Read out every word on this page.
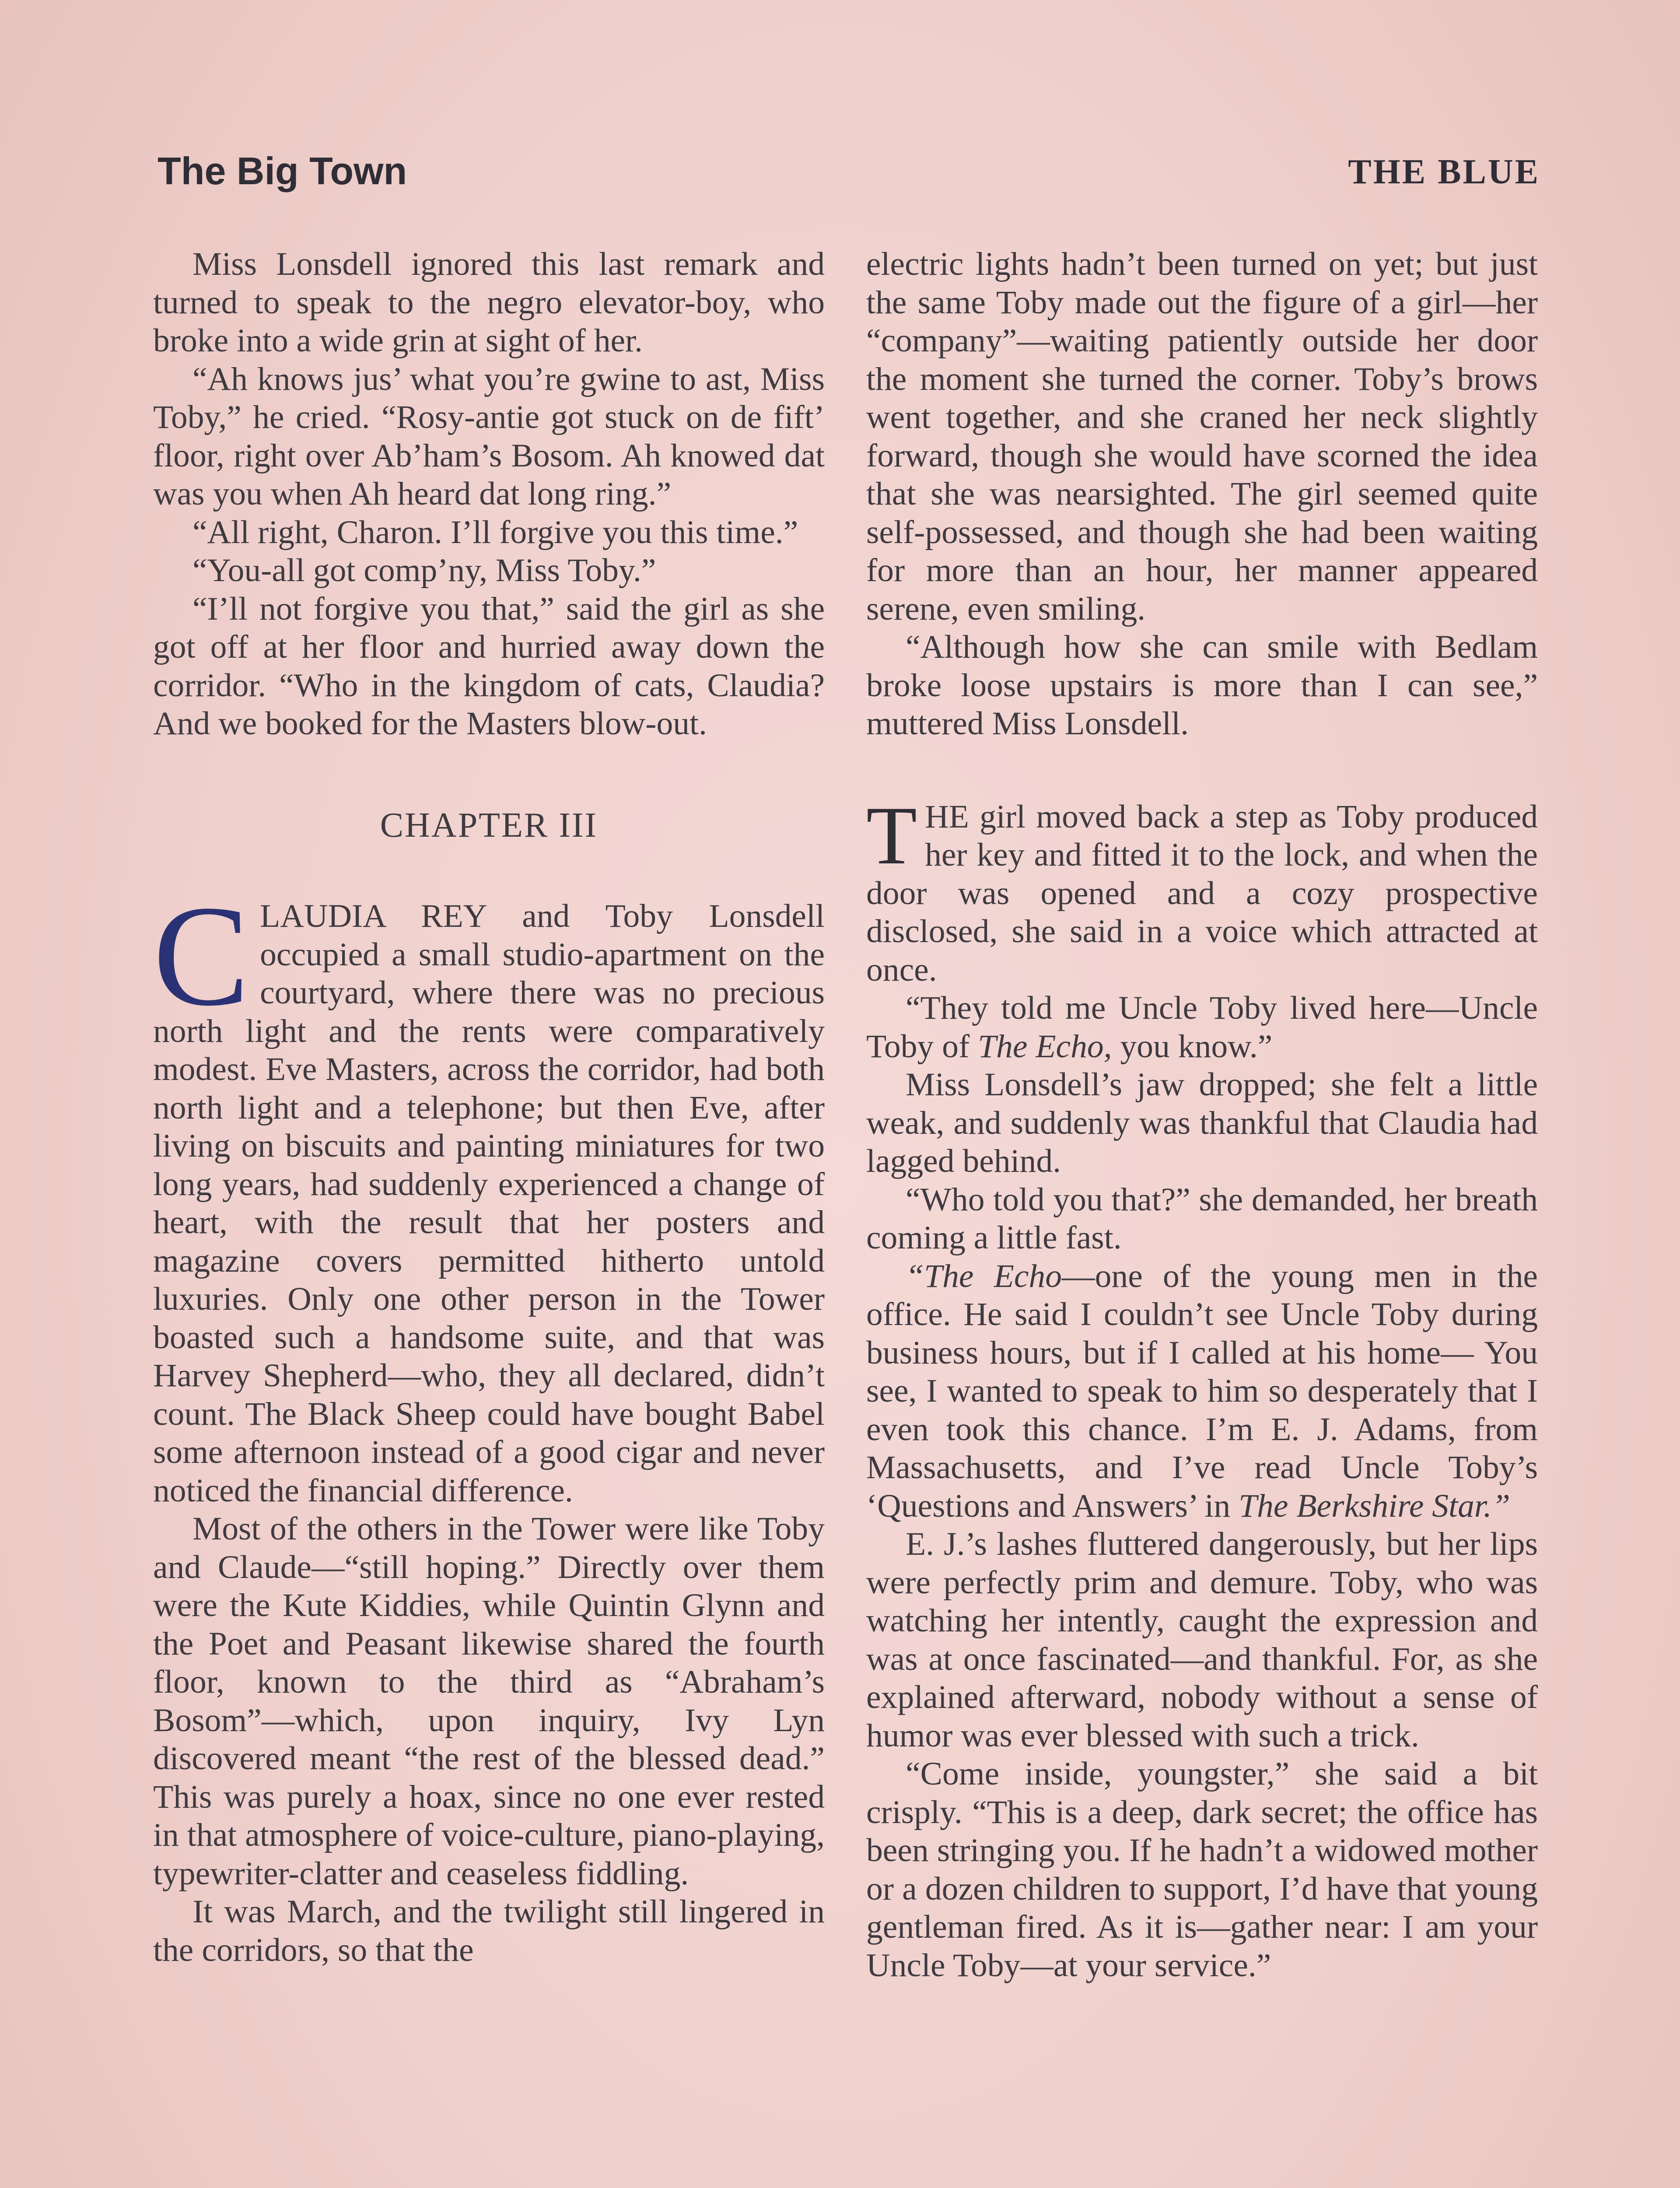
The Big Town	THE BLUE

Miss Lonsdell ignored this last remark and turned to speak to the negro elevator-boy, who broke into a wide grin at sight of her.

“Ah knows jus’ what you’re gwine to ast, Miss Toby,” he cried. “Rosy-antie got stuck on de fift’ floor, right over Ab’ham’s Bosom. Ah knowed dat was you when Ah heard dat long ring.”

“All right, Charon. I’ll forgive you this time.”

“You-all got comp’ny, Miss Toby.”

“I’ll not forgive you that,” said the girl as she got off at her floor and hurried away down the corridor. “Who in the kingdom of cats, Claudia? And we booked for the Masters blow-out.

CHAPTER III

CLAUDIA REY and Toby Lonsdell occupied a small studio-apartment on the courtyard, where there was no precious north light and the rents were comparatively modest. Eve Masters, across the corridor, had both north light and a telephone; but then Eve, after living on biscuits and painting miniatures for two long years, had suddenly experienced a change of heart, with the result that her posters and magazine covers permitted hitherto untold luxuries. Only one other person in the Tower boasted such a handsome suite, and that was Harvey Shepherd—who, they all declared, didn’t count. The Black Sheep could have bought Babel some afternoon instead of a good cigar and never noticed the financial difference.

Most of the others in the Tower were like Toby and Claude—“still hoping.” Directly over them were the Kute Kiddies, while Quintin Glynn and the Poet and Peasant likewise shared the fourth floor, known to the third as “Abraham’s Bosom”—which, upon inquiry, Ivy Lyn discovered meant “the rest of the blessed dead.” This was purely a hoax, since no one ever rested in that atmosphere of voice-culture, piano-playing, typewriter-clatter and ceaseless fiddling.

It was March, and the twilight still lingered in the corridors, so that the

electric lights hadn’t been turned on yet; but just the same Toby made out the figure of a girl—her “company”—waiting patiently outside her door the moment she turned the corner. Toby’s brows went together, and she craned her neck slightly forward, though she would have scorned the idea that she was nearsighted. The girl seemed quite self-possessed, and though she had been waiting for more than an hour, her manner appeared serene, even smiling.

“Although how she can smile with Bedlam broke loose upstairs is more than I can see,” muttered Miss Lonsdell.

THE girl moved back a step as Toby produced her key and fitted it to the lock, and when the door was opened and a cozy prospective disclosed, she said in a voice which attracted at once.

“They told me Uncle Toby lived here—Uncle Toby of The Echo, you know.”

Miss Lonsdell’s jaw dropped; she felt a little weak, and suddenly was thankful that Claudia had lagged behind.

“Who told you that?” she demanded, her breath coming a little fast.

“The Echo—one of the young men in the office. He said I couldn’t see Uncle Toby during business hours, but if I called at his home— You see, I wanted to speak to him so desperately that I even took this chance. I’m E. J. Adams, from Massachusetts, and I’ve read Uncle Toby’s ‘Questions and Answers’ in The Berkshire Star.”

E. J.’s lashes fluttered dangerously, but her lips were perfectly prim and demure. Toby, who was watching her intently, caught the expression and was at once fascinated—and thankful. For, as she explained afterward, nobody without a sense of humor was ever blessed with such a trick.

“Come inside, youngster,” she said a bit crisply. “This is a deep, dark secret; the office has been stringing you. If he hadn’t a widowed mother or a dozen children to support, I’d have that young gentleman fired. As it is—gather near: I am your Uncle Toby—at your service.”
